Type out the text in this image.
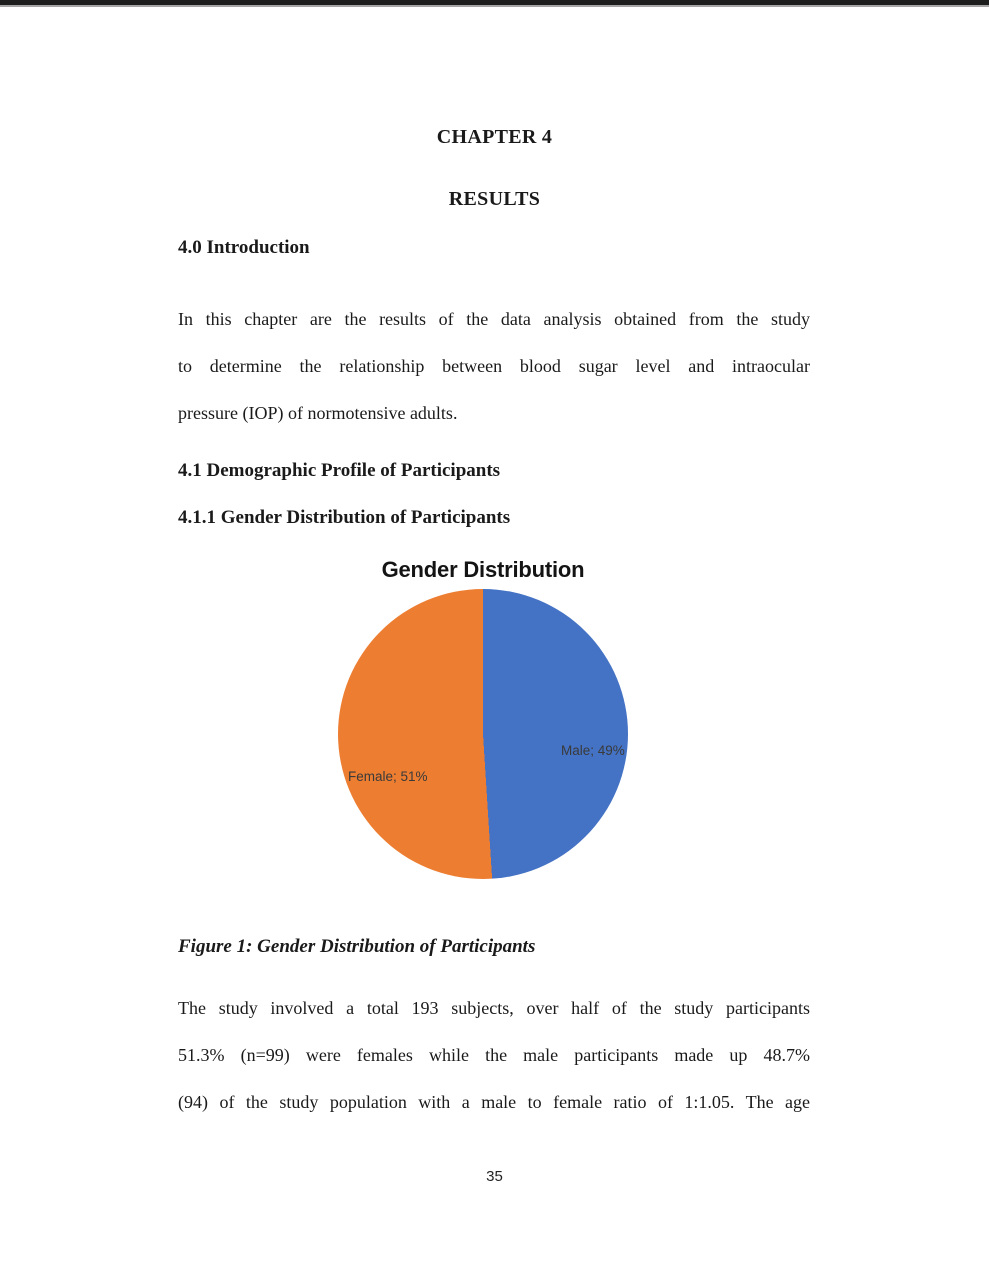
CHAPTER 4
RESULTS
4.0 Introduction
In this chapter are the results of the data analysis obtained from the study
to determine the relationship between blood sugar level and intraocular
pressure (IOP) of normotensive adults.
4.1 Demographic Profile of Participants
4.1.1 Gender Distribution of Participants
Gender Distribution
Male; 49%
Female; 51%
Figure 1: Gender Distribution of Participants
The study involved a total 193 subjects, over half of the study participants
51.3% (n=99) were females while the male participants made up 48.7%
(94) of the study population with a male to female ratio of 1:1.05. The age
35
